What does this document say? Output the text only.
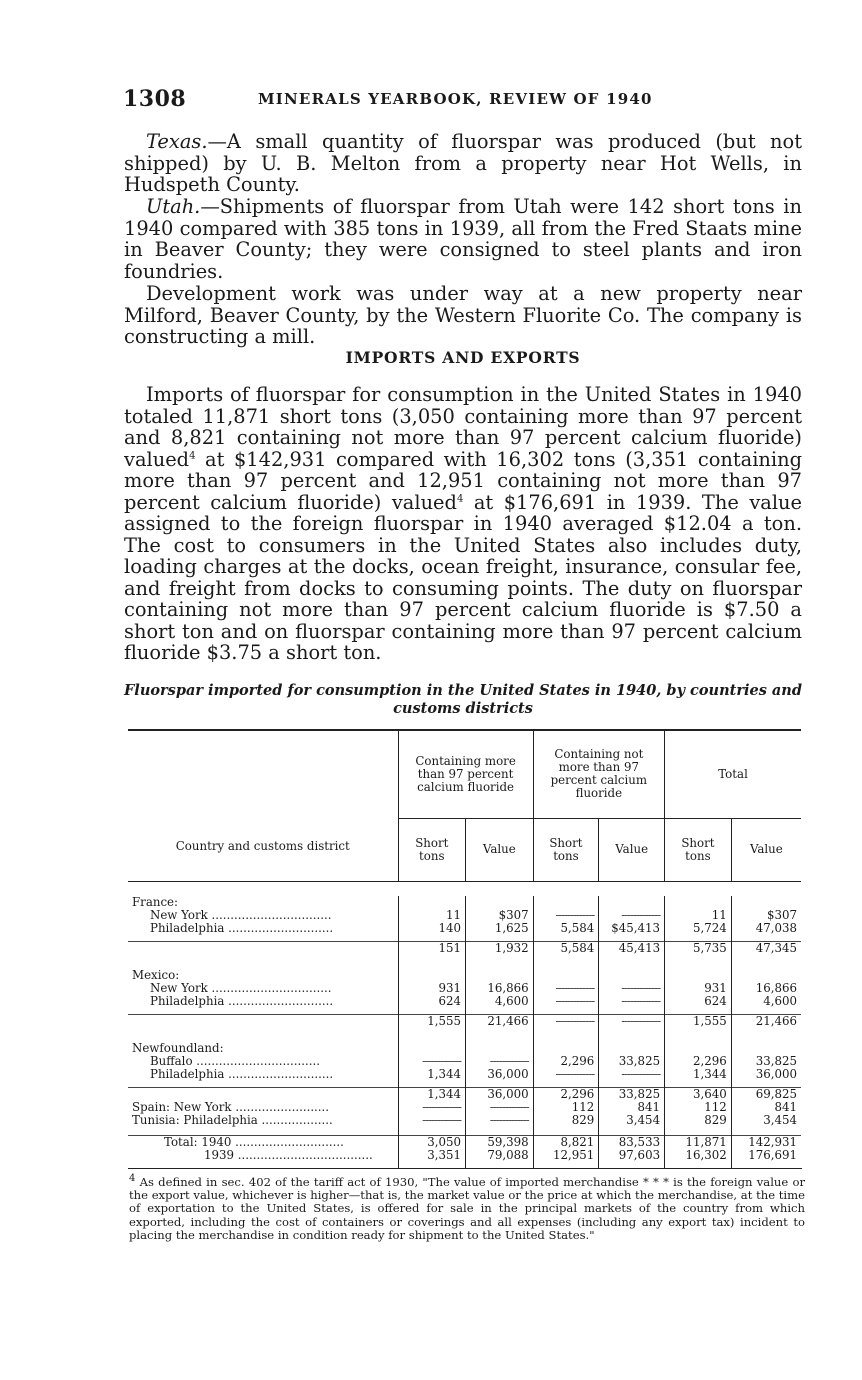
1308	MINERALS YEARBOOK, REVIEW OF 1940

Texas.—A small quantity of fluorspar was produced (but not shipped) by U. B. Melton from a property near Hot Wells, in Hudspeth County.

Utah.—Shipments of fluorspar from Utah were 142 short tons in 1940 compared with 385 tons in 1939, all from the Fred Staats mine in Beaver County; they were consigned to steel plants and iron foundries.

Development work was under way at a new property near Milford, Beaver County, by the Western Fluorite Co. The company is constructing a mill.

IMPORTS AND EXPORTS

Imports of fluorspar for consumption in the United States in 1940 totaled 11,871 short tons (3,050 containing more than 97 percent and 8,821 containing not more than 97 percent calcium fluoride) valued$^4$ at $142,931 compared with 16,302 tons (3,351 containing more than 97 percent and 12,951 containing not more than 97 percent calcium fluoride) valued$^4$ at $176,691 in 1939. The value assigned to the foreign fluorspar in 1940 averaged $12.04 a ton. The cost to consumers in the United States also includes duty, loading charges at the docks, ocean freight, insurance, consular fee, and freight from docks to consuming points. The duty on fluorspar containing not more than 97 percent calcium fluoride is $7.50 a short ton and on fluorspar containing more than 97 percent calcium fluoride $3.75 a short ton.

Fluorspar imported for consumption in the United States in 1940, by countries and
customs districts
Country and customs district	Containing more than 97 percent calcium fluoride		Containing not more than 97 percent calcium fluoride		Total	
	Short tons	Value	Short tons	Value	Short tons	Value

France:						
New York ................................	11	$307	-------------	-------------	11	$307
Philadelphia ............................	140	1,625	5,584	$45,413	5,724	47,038

	151	1,932	5,584	45,413	5,735	47,345

Mexico:						
New York ................................	931	16,866	-------------	-------------	931	16,866
Philadelphia ............................	624	4,600	-------------	-------------	624	4,600

	1,555	21,466	-------------	-------------	1,555	21,466

Newfoundland:						
Buffalo .................................	-------------	-------------	2,296	33,825	2,296	33,825
Philadelphia ............................	1,344	36,000	-------------	-------------	1,344	36,000

	1,344	36,000	2,296	33,825	3,640	69,825
Spain: New York .........................	-------------	-------------	112	841	112	841
Tunisia: Philadelphia ...................	-------------	-------------	829	3,454	829	3,454

Total: 1940 .............................	3,050	59,398	8,821	83,533	11,871	142,931
1939 ....................................	3,351	79,088	12,951	97,603	16,302	176,691

$^4$ As defined in sec. 402 of the tariff act of 1930, "The value of imported merchandise * * * is the foreign value or the export value, whichever is higher—that is, the market value or the price at which the merchandise, at the time of exportation to the United States, is offered for sale in the principal markets of the country from which exported, including the cost of containers or coverings and all expenses (including any export tax) incident to placing the merchandise in condition ready for shipment to the United States."
